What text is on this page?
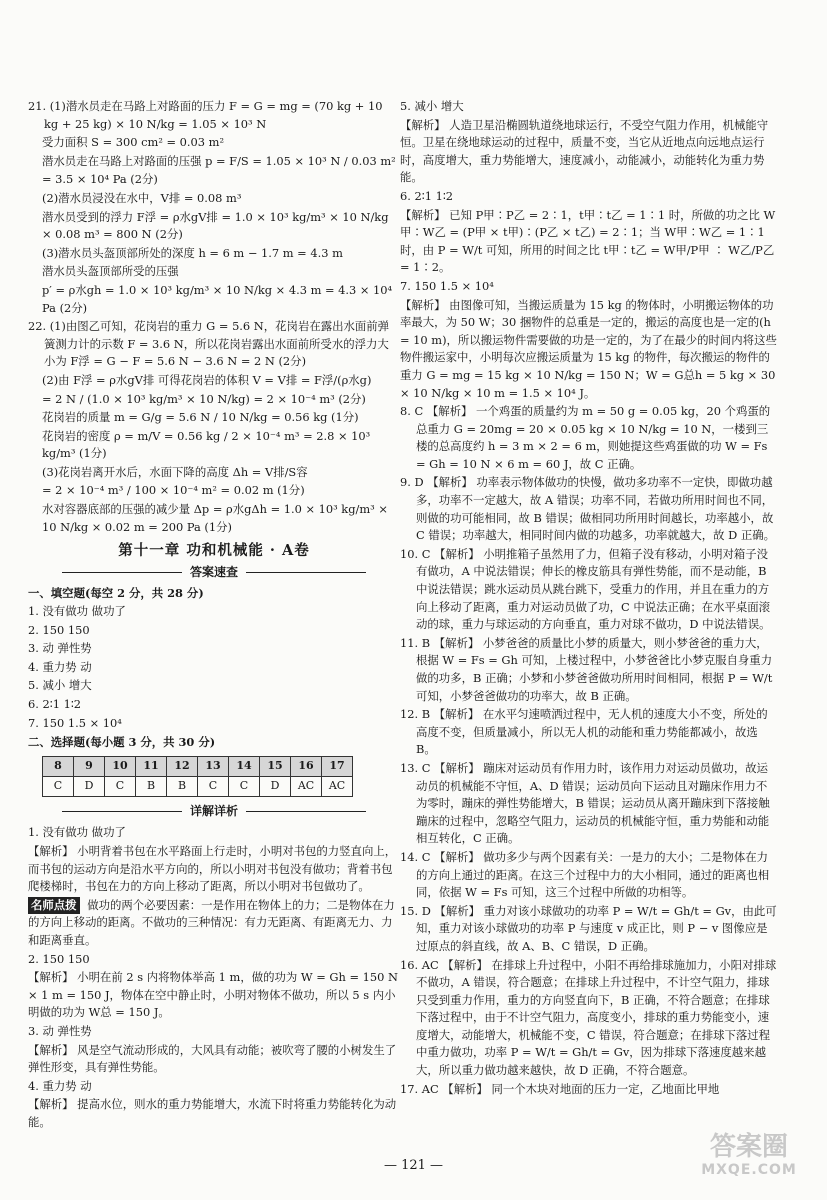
21. (1)潜水员走在马路上对路面的压力 F = G = mg = (70 kg + 10 kg + 25 kg) × 10 N/kg = 1.05 × 10³ N

受力面积 S = 300 cm² = 0.03 m²

潜水员走在马路上对路面的压强 p = F/S = 1.05 × 10³ N / 0.03 m²

= 3.5 × 10⁴ Pa (2分)

(2)潜水员浸没在水中，V排 = 0.08 m³

潜水员受到的浮力 F浮 = ρ水gV排 = 1.0 × 10³ kg/m³ × 10 N/kg × 0.08 m³ = 800 N (2分)

(3)潜水员头盔顶部所处的深度 h = 6 m − 1.7 m = 4.3 m

潜水员头盔顶部所受的压强

p′ = ρ水gh = 1.0 × 10³ kg/m³ × 10 N/kg × 4.3 m = 4.3 × 10⁴ Pa (2分)

22. (1)由图乙可知，花岗岩的重力 G = 5.6 N，花岗岩在露出水面前弹簧测力计的示数 F = 3.6 N，所以花岗岩露出水面前所受水的浮力大小为 F浮 = G − F = 5.6 N − 3.6 N = 2 N (2分)

(2)由 F浮 = ρ水gV排 可得花岗岩的体积 V = V排 = F浮/(ρ水g)

= 2 N / (1.0 × 10³ kg/m³ × 10 N/kg) = 2 × 10⁻⁴ m³ (2分)

花岗岩的质量 m = G/g = 5.6 N / 10 N/kg = 0.56 kg (1分)

花岗岩的密度 ρ = m/V = 0.56 kg / 2 × 10⁻⁴ m³ = 2.8 × 10³ kg/m³ (1分)

(3)花岗岩离开水后，水面下降的高度 Δh = V排/S容

= 2 × 10⁻⁴ m³ / 100 × 10⁻⁴ m² = 0.02 m (1分)

水对容器底部的压强的减少量 Δp = ρ水gΔh = 1.0 × 10³ kg/m³ × 10 N/kg × 0.02 m = 200 Pa (1分)

第十一章 功和机械能 · A卷
答案速查
一、填空题(每空 2 分，共 28 分)
1. 没有做功 做功了
2. 150 150
3. 动 弹性势
4. 重力势 动
5. 减小 增大
6. 2∶1 1∶2
7. 150 1.5 × 10⁴
二、选择题(每小题 3 分，共 30 分)
8	9	10	11	12	13	14	15	16	17
C	D	C	B	B	C	C	D	AC	AC
详解详析

1. 没有做功 做功了

【解析】 小明背着书包在水平路面上行走时，小明对书包的力竖直向上，而书包的运动方向是沿水平方向的，所以小明对书包没有做功；背着书包爬楼梯时，书包在力的方向上移动了距离，所以小明对书包做功了。

名师点拨 做功的两个必要因素：一是作用在物体上的力；二是物体在力的方向上移动的距离。不做功的三种情况：有力无距离、有距离无力、力和距离垂直。

2. 150 150

【解析】 小明在前 2 s 内将物体举高 1 m，做的功为 W = Gh = 150 N × 1 m = 150 J，物体在空中静止时，小明对物体不做功，所以 5 s 内小明做的功为 W总 = 150 J。

3. 动 弹性势

【解析】 风是空气流动形成的，大风具有动能；被吹弯了腰的小树发生了弹性形变，具有弹性势能。

4. 重力势 动

【解析】 提高水位，则水的重力势能增大，水流下时将重力势能转化为动能。

5. 减小 增大

【解析】 人造卫星沿椭圆轨道绕地球运行，不受空气阻力作用，机械能守恒。卫星在绕地球运动的过程中，质量不变，当它从近地点向远地点运行时，高度增大，重力势能增大，速度减小，动能减小，动能转化为重力势能。

6. 2∶1 1∶2

【解析】 已知 P甲∶P乙 = 2∶1，t甲∶t乙 = 1∶1 时，所做的功之比 W甲∶W乙 = (P甲 × t甲)∶(P乙 × t乙) = 2∶1；当 W甲∶W乙 = 1∶1 时，由 P = W/t 可知，所用的时间之比 t甲∶t乙 = W甲/P甲 ∶ W乙/P乙 = 1∶2。

7. 150 1.5 × 10⁴

【解析】 由图像可知，当搬运质量为 15 kg 的物体时，小明搬运物体的功率最大，为 50 W；30 捆物件的总重是一定的，搬运的高度也是一定的(h = 10 m)，所以搬运物件需要做的功是一定的，为了在最少的时间内将这些物件搬运家中，小明每次应搬运质量为 15 kg 的物件，每次搬运的物件的重力 G = mg = 15 kg × 10 N/kg = 150 N；W = G总h = 5 kg × 30 × 10 N/kg × 10 m = 1.5 × 10⁴ J。

8. C 【解析】 一个鸡蛋的质量约为 m = 50 g = 0.05 kg，20 个鸡蛋的总重力 G = 20mg = 20 × 0.05 kg × 10 N/kg = 10 N，一楼到三楼的总高度约 h = 3 m × 2 = 6 m，则她提这些鸡蛋做的功 W = Fs = Gh = 10 N × 6 m = 60 J，故 C 正确。

9. D 【解析】 功率表示物体做功的快慢，做功多功率不一定快，即做功越多，功率不一定越大，故 A 错误；功率不同，若做功所用时间也不同，则做的功可能相同，故 B 错误；做相同功所用时间越长，功率越小，故 C 错误；功率越大，相同时间内做的功越多，功率就越大，故 D 正确。

10. C 【解析】 小明推箱子虽然用了力，但箱子没有移动，小明对箱子没有做功，A 中说法错误；伸长的橡皮筋具有弹性势能，而不是动能，B 中说法错误；跳水运动员从跳台跳下，受重力的作用，并且在重力的方向上移动了距离，重力对运动员做了功，C 中说法正确；在水平桌面滚动的球，重力与球运动的方向垂直，重力对球不做功，D 中说法错误。

11. B 【解析】 小梦爸爸的质量比小梦的质量大，则小梦爸爸的重力大，根据 W = Fs = Gh 可知，上楼过程中，小梦爸爸比小梦克服自身重力做的功多，B 正确；小梦和小梦爸爸做功所用时间相同，根据 P = W/t 可知，小梦爸爸做功的功率大，故 B 正确。

12. B 【解析】 在水平匀速喷洒过程中，无人机的速度大小不变，所处的高度不变，但质量减小，所以无人机的动能和重力势能都减小，故选 B。

13. C 【解析】 蹦床对运动员有作用力时，该作用力对运动员做功，故运动员的机械能不守恒，A、D 错误；运动员向下运动且对蹦床作用力不为零时，蹦床的弹性势能增大，B 错误；运动员从离开蹦床到下落接触蹦床的过程中，忽略空气阻力，运动员的机械能守恒，重力势能和动能相互转化，C 正确。

14. C 【解析】 做功多少与两个因素有关：一是力的大小；二是物体在力的方向上通过的距离。在这三个过程中力的大小相同，通过的距离也相同，依据 W = Fs 可知，这三个过程中所做的功相等。

15. D 【解析】 重力对该小球做功的功率 P = W/t = Gh/t = Gv，由此可知，重力对该小球做功的功率 P 与速度 v 成正比，则 P − v 图像应是过原点的斜直线，故 A、B、C 错误，D 正确。

16. AC 【解析】 在排球上升过程中，小阳不再给排球施加力，小阳对排球不做功，A 错误，符合题意；在排球上升过程中，不计空气阻力，排球只受到重力作用，重力的方向竖直向下，B 正确，不符合题意；在排球下落过程中，由于不计空气阻力，高度变小，排球的重力势能变小，速度增大，动能增大，机械能不变，C 错误，符合题意；在排球下落过程中重力做功，功率 P = W/t = Gh/t = Gv，因为排球下落速度越来越大，所以重力做功越来越快，故 D 正确，不符合题意。

17. AC 【解析】 同一个木块对地面的压力一定，乙地面比甲地

— 121 —
答案圈
MXQE.COM
